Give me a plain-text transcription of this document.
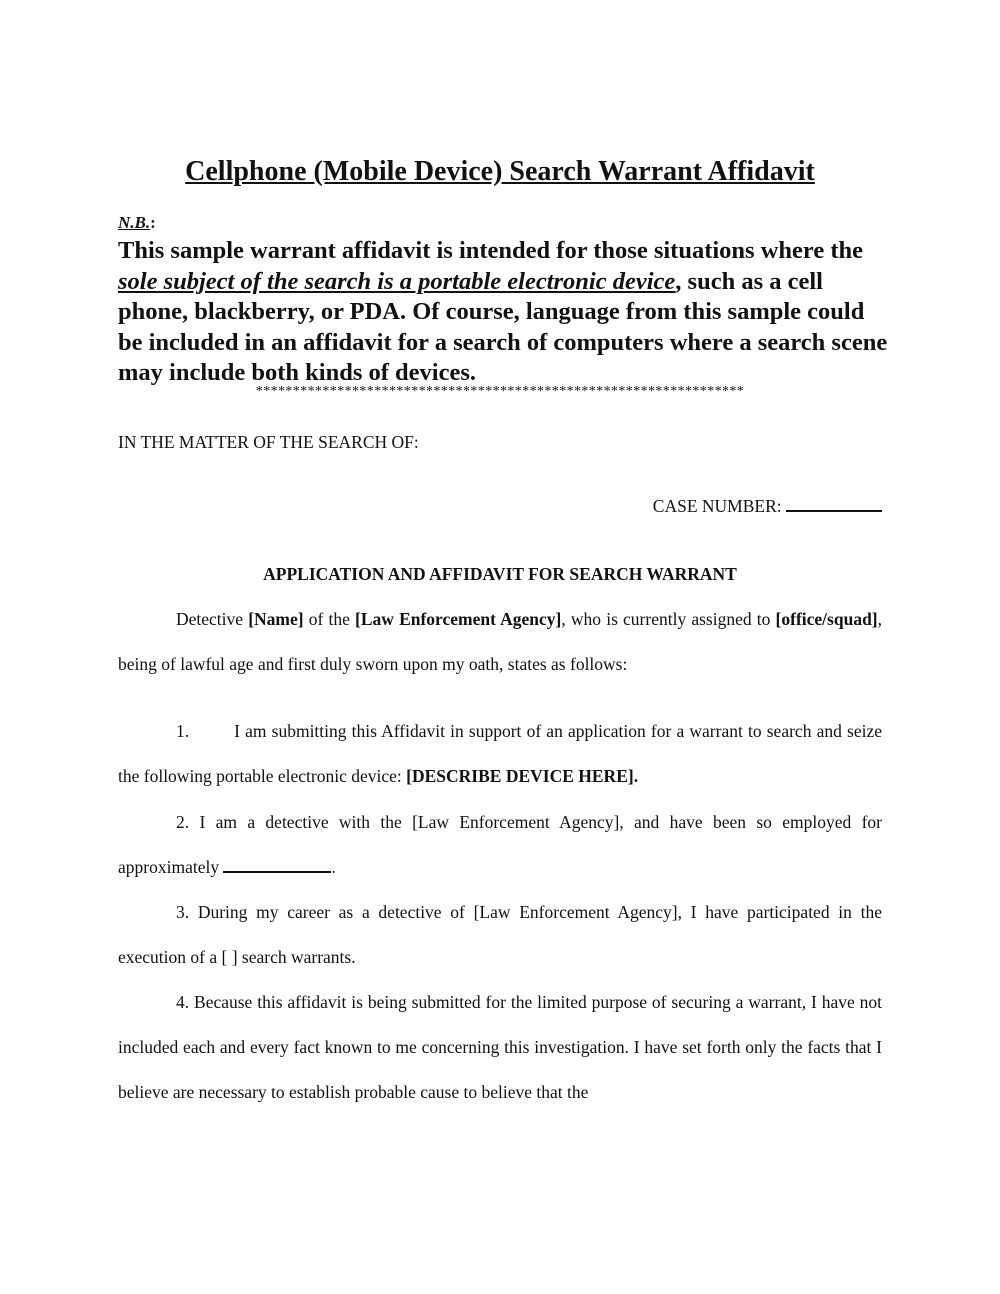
Cellphone (Mobile Device) Search Warrant Affidavit
N.B.:

This sample warrant affidavit is intended for those situations where the sole subject of the search is a portable electronic device, such as a cell phone, blackberry, or PDA. Of course, language from this sample could be included in an affidavit for a search of computers where a search scene may include both kinds of devices.

******************************************************************
IN THE MATTER OF THE SEARCH OF:
CASE NUMBER:
APPLICATION AND AFFIDAVIT FOR SEARCH WARRANT

Detective [Name] of the [Law Enforcement Agency], who is currently assigned to [office/squad], being of lawful age and first duly sworn upon my oath, states as follows:

1.	I am submitting this Affidavit in support of an application for a warrant to search and seize the following portable electronic device: [DESCRIBE DEVICE HERE].

2. I am a detective with the [Law Enforcement Agency], and have been so employed for approximately	.

3. During my career as a detective of [Law Enforcement Agency], I have participated in the execution of a [ ] search warrants.

4. Because this affidavit is being submitted for the limited purpose of securing a warrant, I have not included each and every fact known to me concerning this investigation. I have set forth only the facts that I believe are necessary to establish probable cause to believe that the
